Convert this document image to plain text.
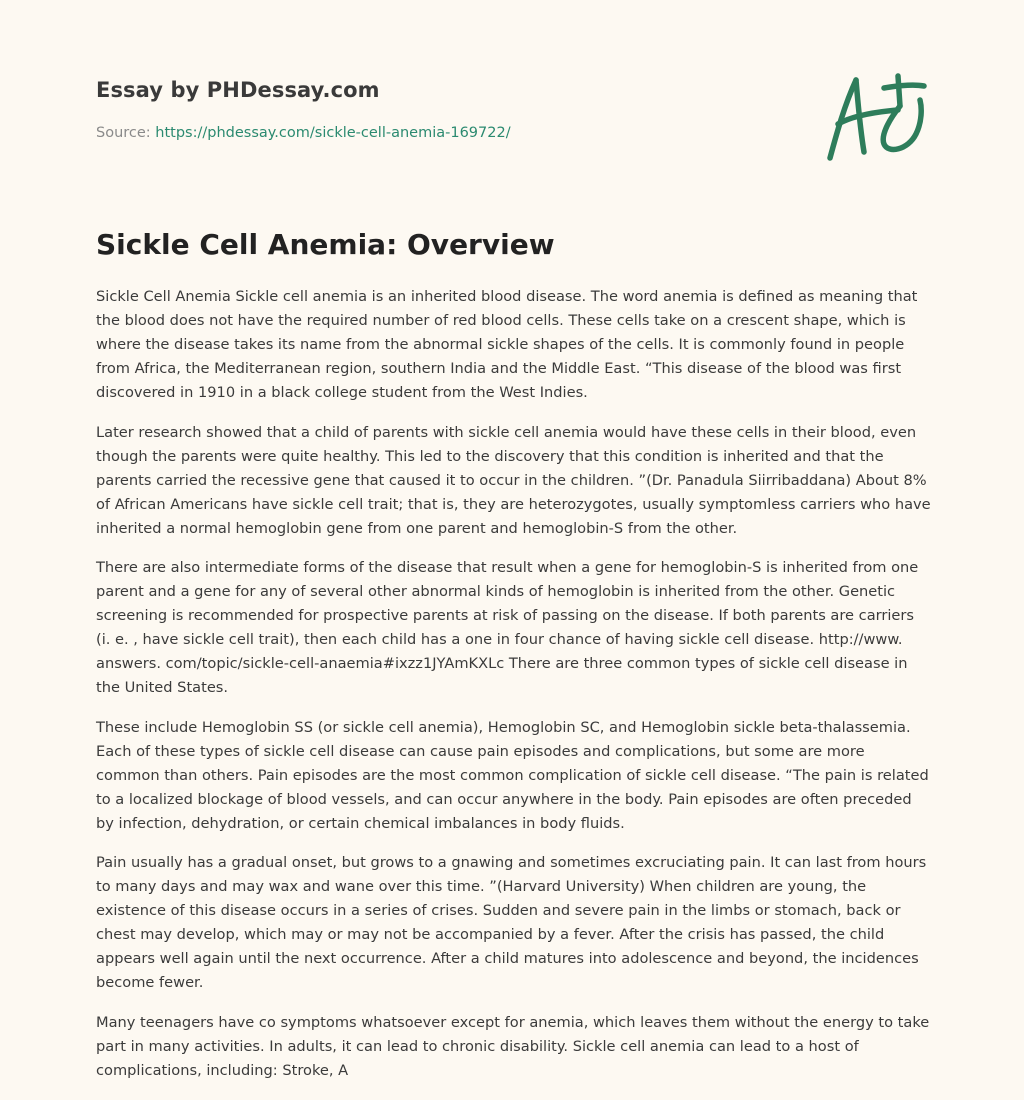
Essay by PHDessay.com
Source: https://phdessay.com/sickle-cell-anemia-169722/
Sickle Cell Anemia: Overview

Sickle Cell Anemia Sickle cell anemia is an inherited blood disease. The word anemia is defined as meaning that the blood does not have the required number of red blood cells. These cells take on a crescent shape, which is where the disease takes its name from the abnormal sickle shapes of the cells. It is commonly found in people from Africa, the Mediterranean region, southern India and the Middle East. “This disease of the blood was first discovered in 1910 in a black college student from the West Indies.

Later research showed that a child of parents with sickle cell anemia would have these cells in their blood, even though the parents were quite healthy. This led to the discovery that this condition is inherited and that the parents carried the recessive gene that caused it to occur in the children. ”(Dr. Panadula Siirribaddana) About 8% of African Americans have sickle cell trait; that is, they are heterozygotes, usually symptomless carriers who have inherited a normal hemoglobin gene from one parent and hemoglobin-S from the other.

There are also intermediate forms of the disease that result when a gene for hemoglobin-S is inherited from one parent and a gene for any of several other abnormal kinds of hemoglobin is inherited from the other. Genetic screening is recommended for prospective parents at risk of passing on the disease. If both parents are carriers (i. e. , have sickle cell trait), then each child has a one in four chance of having sickle cell disease. http://www. answers. com/topic/sickle-cell-anaemia#ixzz1JYAmKXLc There are three common types of sickle cell disease in the United States.

These include Hemoglobin SS (or sickle cell anemia), Hemoglobin SC, and Hemoglobin sickle beta-thalassemia. Each of these types of sickle cell disease can cause pain episodes and complications, but some are more common than others. Pain episodes are the most common complication of sickle cell disease. “The pain is related to a localized blockage of blood vessels, and can occur anywhere in the body. Pain episodes are often preceded by infection, dehydration, or certain chemical imbalances in body fluids.

Pain usually has a gradual onset, but grows to a gnawing and sometimes excruciating pain. It can last from hours to many days and may wax and wane over this time. ”(Harvard University) When children are young, the existence of this disease occurs in a series of crises. Sudden and severe pain in the limbs or stomach, back or chest may develop, which may or may not be accompanied by a fever. After the crisis has passed, the child appears well again until the next occurrence. After a child matures into adolescence and beyond, the incidences become fewer.

Many teenagers have co symptoms whatsoever except for anemia, which leaves them without the energy to take part in many activities. In adults, it can lead to chronic disability. Sickle cell anemia can lead to a host of complications, including: Stroke, A
